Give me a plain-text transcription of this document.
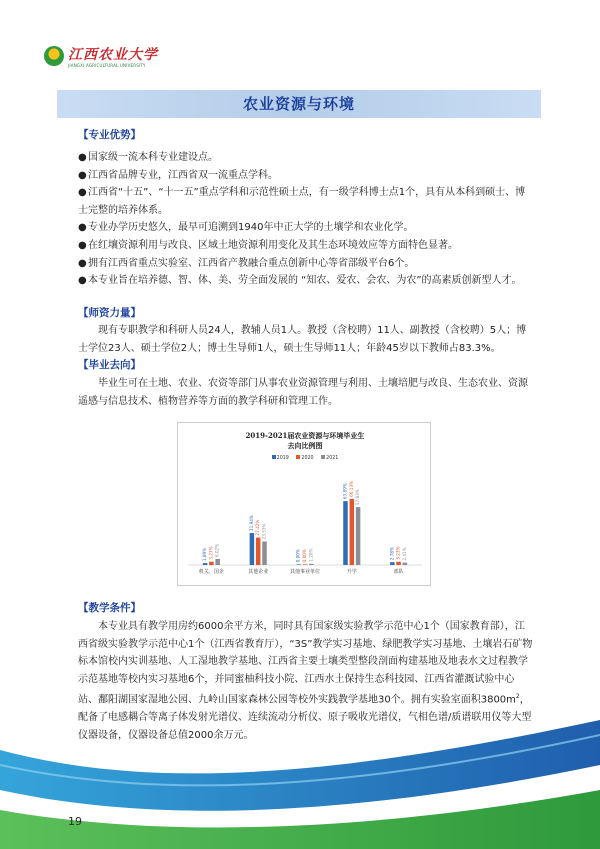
江西农业大学
JIANGXI AGRICULTURAL UNIVERSITY
农业资源与环境
【专业优势】
●国家级一流本科专业建设点。
●江西省品牌专业，江西省双一流重点学科。
●江西省“十五”、“十一五”重点学科和示范性硕士点，有一级学科博士点1个，具有从本科到硕士、博士完整的培养体系。
●专业办学历史悠久，最早可追溯到1940年中正大学的土壤学和农业化学。
●在红壤资源利用与改良、区域土地资源利用变化及其生态环境效应等方面特色显著。
●拥有江西省重点实验室、江西省产教融合重点创新中心等省部级平台6个。
●本专业旨在培养德、智、体、美、劳全面发展的 “知农、爱农、会农、为农”的高素质创新型人才。
【师资力量】

现有专职教学和科研人员24人，教辅人员1人。教授（含校聘）11人、副教授（含校聘）5人；博士学位23人、硕士学位2人；博士生导师1人，硕士生导师11人；年龄45岁以下教师占83.3%。

【毕业去向】

毕业生可在土地、农业、农资等部门从事农业资源管理与利用、土壤培肥与改良、生态农业、资源遥感与信息技术、植物营养等方面的教学科研和管理工作。

2019-2021届农业资源与环境毕业生
去向比例图
2019	2020	2021
1.89% 3.27% 6.02%
机关、国企
31.94% 27.42% 23.53%
其他企业
0.00% 0.00% 1.20%
其他事业单位
63.89% 66.13%
57.83%
升学
2.78% 3.23% 2.41%
部队
【教学条件】

本专业具有教学用房约6000余平方米，同时具有国家级实验教学示范中心1个（国家教育部），江西省级实验教学示范中心1个（江西省教育厅），“3S”教学实习基地、绿肥教学实习基地、土壤岩石矿物标本馆校内实训基地、人工湿地教学基地、江西省主要土壤类型整段剖面构建基地及地表水文过程教学示范基地等校内实习基地6个，并同蜜柚科技小院、江西水土保持生态科技园、江西省灌溉试验中心站、鄱阳湖国家湿地公园、九岭山国家森林公园等校外实践教学基地30个。拥有实验室面积$3800m^2$，配备了电感耦合等离子体发射光谱仪、连续流动分析仪、原子吸收光谱仪，气相色谱/质谱联用仪等大型仪器设备，仪器设备总值2000余万元。

19
